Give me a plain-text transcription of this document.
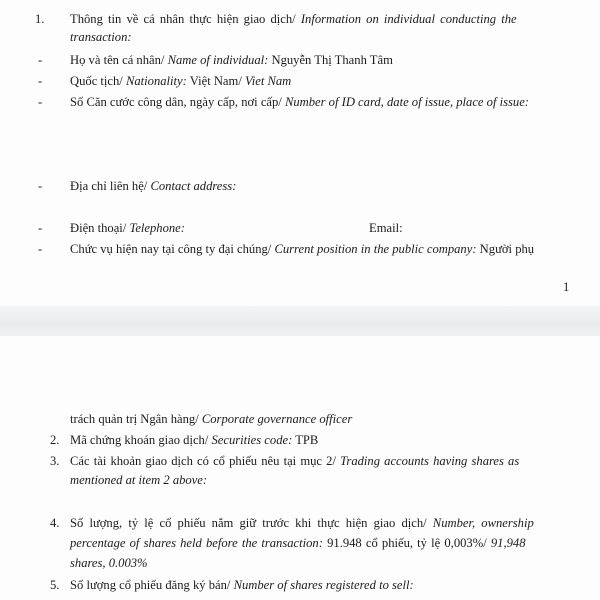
1. Thông tin về cá nhân thực hiện giao dịch/ Information on individual conducting the
transaction:
- Họ và tên cá nhân/ Name of individual: Nguyễn Thị Thanh Tâm
- Quốc tịch/ Nationality: Việt Nam/ Viet Nam
- Số Căn cước công dân, ngày cấp, nơi cấp/ Number of ID card, date of issue, place of issue:
- Địa chỉ liên hệ/ Contact address:
- Điện thoại/ Telephone:	Email:
- Chức vụ hiện nay tại công ty đại chúng/ Current position in the public company: Người phụ
1
trách quản trị Ngân hàng/ Corporate governance officer
2. Mã chứng khoán giao dịch/ Securities code: TPB
3. Các tài khoản giao dịch có cổ phiếu nêu tại mục 2/ Trading accounts having shares as
mentioned at item 2 above:
4. Số lượng, tỷ lệ cổ phiếu nắm giữ trước khi thực hiện giao dịch/ Number, ownership
percentage of shares held before the transaction: 91.948 cổ phiếu, tỷ lệ 0,003%/ 91,948
shares, 0.003%
5. Số lượng cổ phiếu đăng ký bán/ Number of shares registered to sell:
